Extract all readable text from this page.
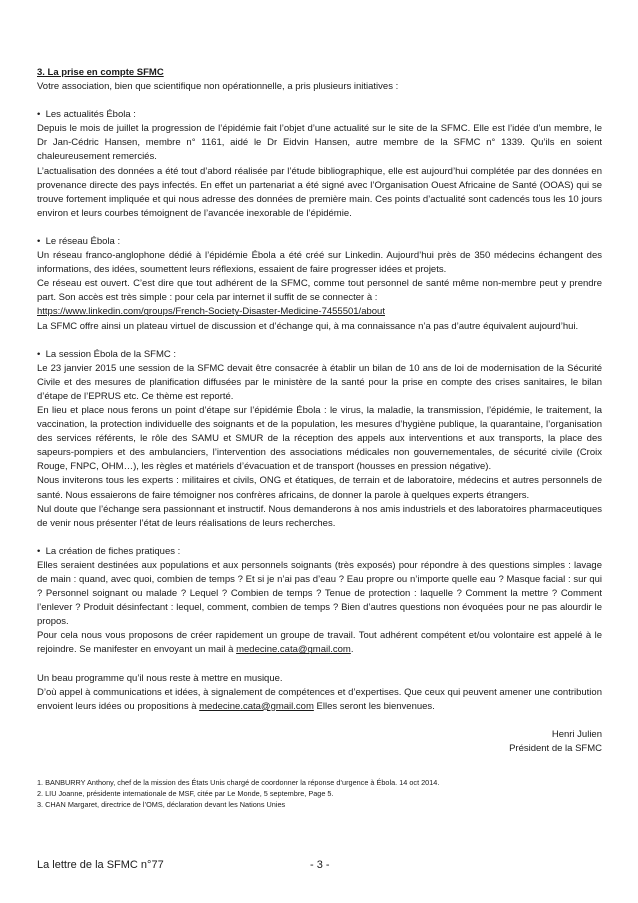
3. La prise en compte SFMC

Votre association, bien que scientifique non opérationnelle, a pris plusieurs initiatives :

•  Les actualités Ébola :

Depuis le mois de juillet la progression de l’épidémie fait l’objet d’une actualité sur le site de la SFMC. Elle est l’idée d’un membre, le Dr Jan-Cédric Hansen, membre n° 1161, aidé le Dr Eidvin Hansen, autre membre de la SFMC n° 1339. Qu’ils en soient chaleureusement remerciés.

L’actualisation des données a été tout d’abord réalisée par l’étude bibliographique, elle est aujourd’hui complétée par des données en provenance directe des pays infectés. En effet un partenariat a été signé avec l’Organisation Ouest Africaine de Santé (OOAS) qui se trouve fortement impliquée et qui nous adresse des données de première main. Ces points d’actualité sont cadencés tous les 10 jours environ et leurs courbes témoignent de l’avancée inexorable de l’épidémie.

•  Le réseau Ébola :

Un réseau franco-anglophone dédié à l’épidémie Ébola a été créé sur Linkedin. Aujourd’hui près de 350 médecins échangent des informations, des idées, soumettent leurs réflexions, essaient de faire progresser idées et projets.

Ce réseau est ouvert. C’est dire que tout adhérent de la SFMC, comme tout personnel de santé même non-membre peut y prendre part. Son accès est très simple : pour cela par internet il suffit de se connecter à :

https://www.linkedin.com/groups/French-Society-Disaster-Medicine-7455501/about

La SFMC offre ainsi un plateau virtuel de discussion et d’échange qui, à ma connaissance n’a pas d’autre équivalent aujourd’hui.

•  La session Ébola de la SFMC :

Le 23 janvier 2015 une session de la SFMC devait être consacrée à établir un bilan de 10 ans de loi de modernisation de la Sécurité Civile et des mesures de planification diffusées par le ministère de la santé pour la prise en compte des crises sanitaires, le bilan d’étape de l’EPRUS etc. Ce thème est reporté.

En lieu et place nous ferons un point d’étape sur l’épidémie Ébola : le virus, la maladie, la transmission, l’épidémie, le traitement, la vaccination, la protection individuelle des soignants et de la population, les mesures d’hygiène publique, la quarantaine, l’organisation des services référents, le rôle des SAMU et SMUR de la réception des appels aux interventions et aux transports, la place des sapeurs-pompiers et des ambulanciers, l’intervention des associations médicales non gouvernementales, de sécurité civile (Croix Rouge, FNPC, OHM…), les règles et matériels d’évacuation et de transport (housses en pression négative).

Nous inviterons tous les experts : militaires et civils, ONG et étatiques, de terrain et de laboratoire, médecins et autres personnels de santé. Nous essaierons de faire témoigner nos confrères africains, de donner la parole à quelques experts étrangers.

Nul doute que l’échange sera passionnant et instructif. Nous demanderons à nos amis industriels et des laboratoires pharmaceutiques de venir nous présenter l’état de leurs réalisations de leurs recherches.

•  La création de fiches pratiques :

Elles seraient destinées aux populations et aux personnels soignants (très exposés) pour répondre à des questions simples : lavage de main : quand, avec quoi, combien de temps ? Et si je n’ai pas d’eau ? Eau propre ou n’importe quelle eau ? Masque facial : sur qui ? Personnel soignant ou malade ? Lequel ? Combien de temps ? Tenue de protection : laquelle ? Comment la mettre ? Comment l’enlever ? Produit désinfectant : lequel, comment, combien de temps ? Bien d’autres questions non évoquées pour ne pas alourdir le propos.

Pour cela nous vous proposons de créer rapidement un groupe de travail. Tout adhérent compétent et/ou volontaire est appelé à le rejoindre. Se manifester en envoyant un mail à medecine.cata@gmail.com.

Un beau programme qu’il nous reste à mettre en musique.

D’où appel à communications et idées, à signalement de compétences et d’expertises. Que ceux qui peuvent amener une contribution envoient leurs idées ou propositions à medecine.cata@gmail.com Elles seront les bienvenues.

Henri Julien

Président de la SFMC

1. BANBURRY Anthony, chef de la mission des États Unis chargé de coordonner la réponse d’urgence à Ébola. 14 oct 2014.

2. LIU Joanne, présidente internationale de MSF, citée par Le Monde, 5 septembre, Page 5.

3. CHAN Margaret, directrice de l’OMS, déclaration devant les Nations Unies

La lettre de la SFMC n°77	- 3 -
